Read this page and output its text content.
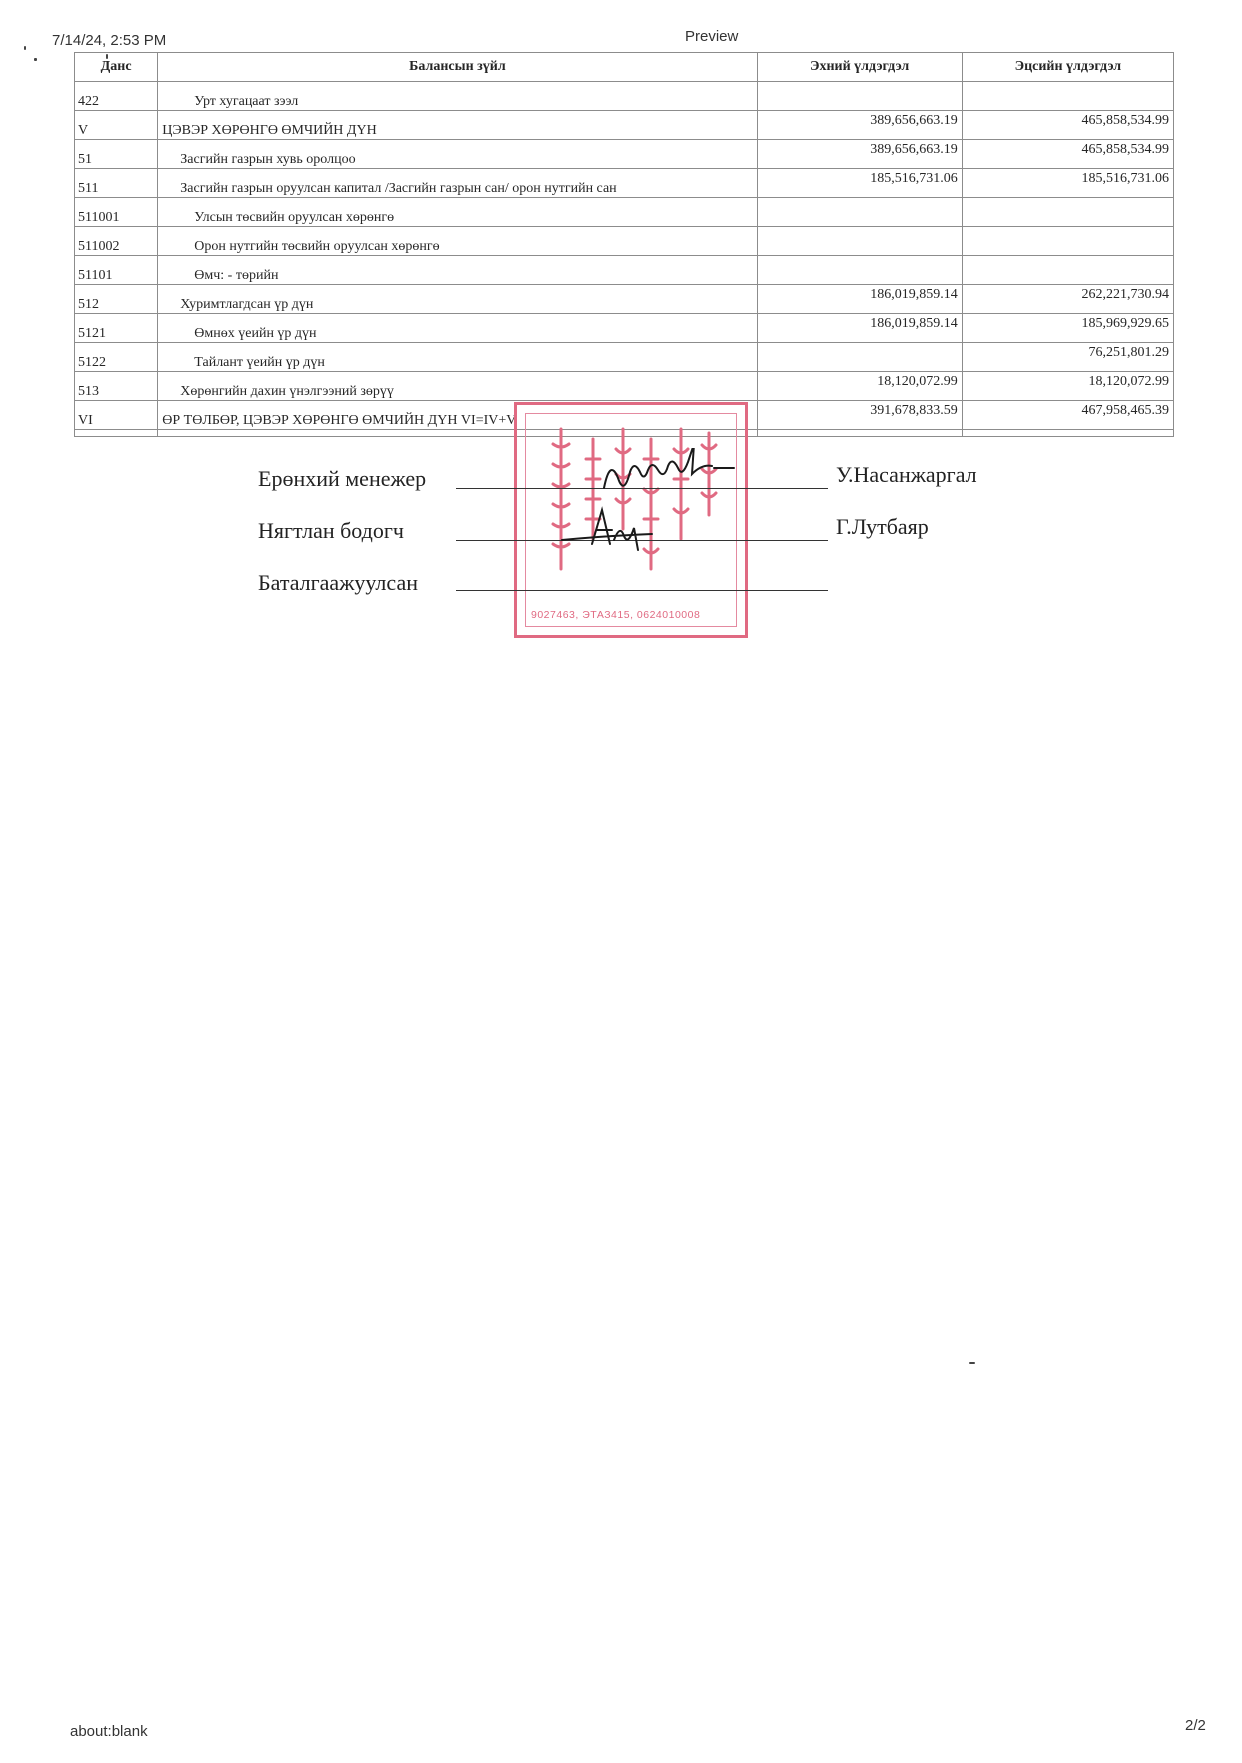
7/14/24, 2:53 PM	Preview
Данс	Балансын зүйл	Эхний үлдэгдэл	Эцсийн үлдэгдэл
422	Урт хугацаат зээл		
V	ЦЭВЭР ХӨРӨНГӨ ӨМЧИЙН ДҮН	389,656,663.19	465,858,534.99
51	Засгийн газрын хувь оролцоо	389,656,663.19	465,858,534.99
511	Засгийн газрын оруулсан капитал /Засгийн газрын сан/ орон нутгийн сан	185,516,731.06	185,516,731.06
511001	Улсын төсвийн оруулсан хөрөнгө		
511002	Орон нутгийн төсвийн оруулсан хөрөнгө		
51101	Өмч: - төрийн		
512	Хуримтлагдсан үр дүн	186,019,859.14	262,221,730.94
5121	Өмнөх үеийн үр дүн	186,019,859.14	185,969,929.65
5122	Тайлант үеийн үр дүн		76,251,801.29
513	Хөрөнгийн дахин үнэлгээний зөрүү	18,120,072.99	18,120,072.99
VI	ӨР ТӨЛБӨР, ЦЭВЭР ХӨРӨНГӨ ӨМЧИЙН ДҮН VI=IV+V	391,678,833.59	467,958,465.39

9027463, ЭТАЗ415, 0624010008
Ерөнхий менежер	У.Насанжаргал
Нягтлан бодогч	Г.Лутбаяр
Баталгаажуулсан
about:blank	2/2
